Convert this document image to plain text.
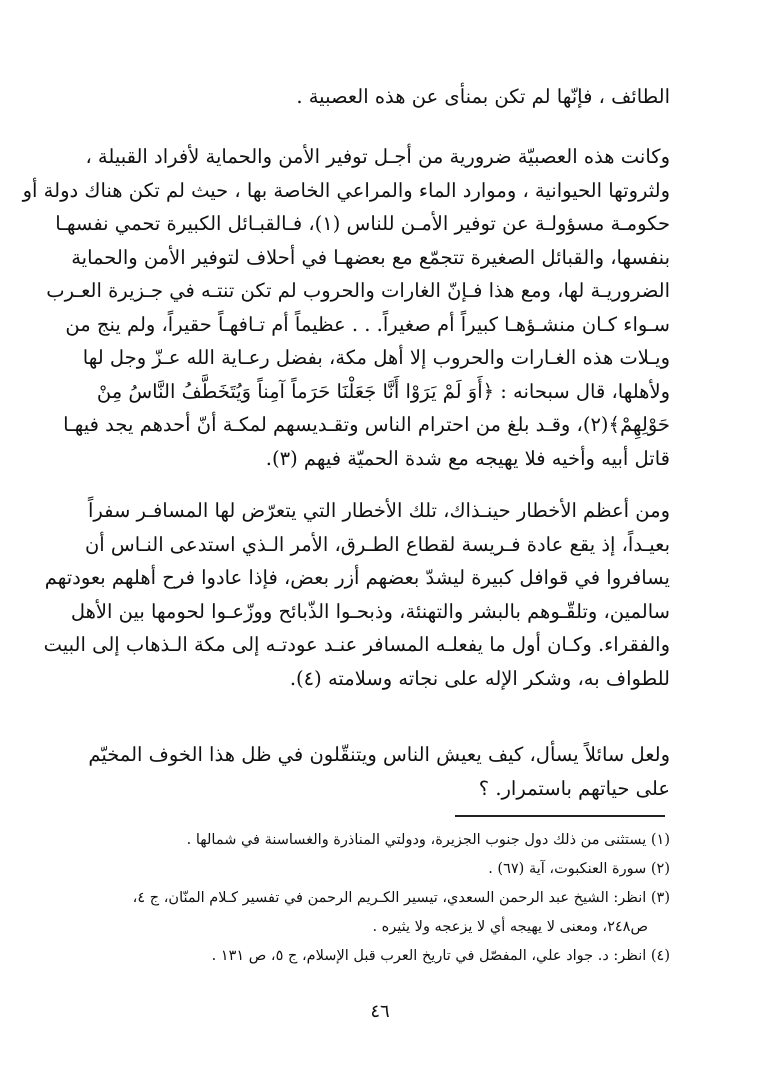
الطائف ، فإنّها لم تكن بمنأى عن هذه العصبية .
وكانت هذه العصبيّة ضرورية من أجـل توفير الأمن والحماية لأفراد القبيلة ،
ولثروتها الحيوانية ، وموارد الماء والمراعي الخاصة بها ، حيث لم تكن هناك دولة أو
حكومـة مسؤولـة عن توفير الأمـن للناس (١)، فـالقبـائل الكبيرة تحمي نفسهـا
بنفسها، والقبائل الصغيرة تتجمّع مع بعضهـا في أحلاف لتوفير الأمن والحماية
الضروريـة لها، ومع هذا فـإنّ الغارات والحروب لم تكن تنتـه في جـزيرة العـرب
سـواء كـان منشـؤهـا كبيراً أم صغيراً. . . عظيماً أم تـافهـاً حقيراً، ولم ينج من
ويـلات هذه الغـارات والحروب إلا أهل مكة، بفضل رعـاية الله عـزّ وجل لها
ولأهلها، قال سبحانه : ﴿أَوَ لَمْ يَرَوْا أَنَّا جَعَلْنَا حَرَماً آمِناً وَيُتَخَطَّفُ النَّاسُ مِنْ
حَوْلِهِمْ﴾(٢)، وقـد بلغ من احترام الناس وتقـديسهم لمكـة أنّ أحدهم يجد فيهـا
قاتل أبيه وأخيه فلا يهيجه مع شدة الحميّة فيهم (٣).
ومن أعظم الأخطار حينـذاك، تلك الأخطار التي يتعرّض لها المسافـر سفراً
بعيـداً، إذ يقع عادة فـريسة لقطاع الطـرق، الأمر الـذي استدعى النـاس أن
يسافروا في قوافل كبيرة ليشدّ بعضهم أزر بعض، فإذا عادوا فرح أهلهم بعودتهم
سالمين، وتلقّـوهم بالبشر والتهنئة، وذبحـوا الذّبائح ووزّعـوا لحومها بين الأهل
والفقراء. وكـان أول ما يفعلـه المسافر عنـد عودتـه إلى مكة الـذهاب إلى البيت
للطواف به، وشكر الإله على نجاته وسلامته (٤).
ولعل سائلاً يسأل، كيف يعيش الناس ويتنقّلون في ظل هذا الخوف المخيّم
على حياتهم باستمرار. ؟
(١) يستثنى من ذلك دول جنوب الجزيرة، ودولتي المناذرة والغساسنة في شمالها .
(٢) سورة العنكبوت، آية (٦٧) .
(٣) انظر: الشيخ عبد الرحمن السعدي، تيسير الكـريم الرحمن في تفسير كـلام المنّان، ج ٤،
ص٢٤٨، ومعنى لا يهيجه أي لا يزعجه ولا يثيره .
(٤) انظر: د. جواد علي، المفصّل في تاريخ العرب قبل الإسلام، ج ٥، ص ١٣١ .
٤٦
